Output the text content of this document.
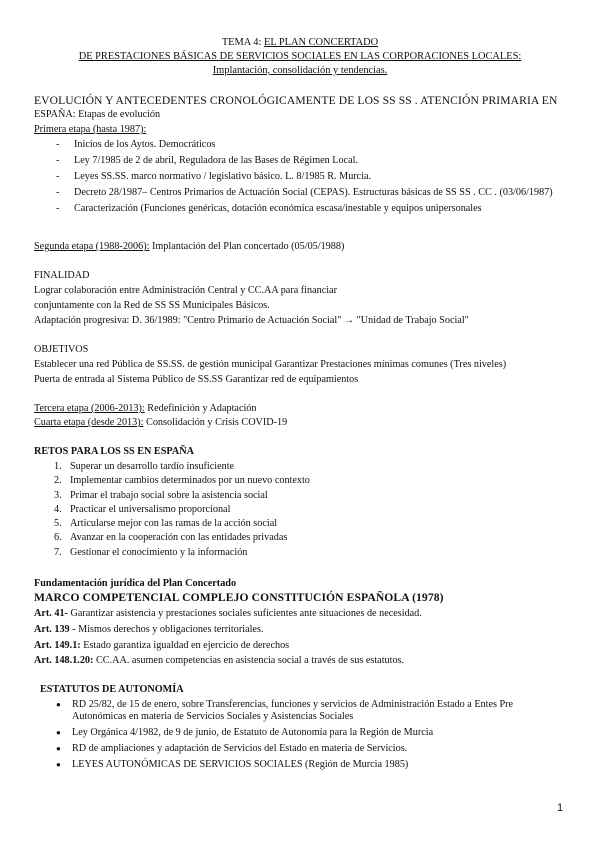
TEMA 4: EL PLAN CONCERTADO
DE PRESTACIONES BÁSICAS DE SERVICIOS SOCIALES EN LAS CORPORACIONES LOCALES:
Implantación, consolidación y tendencias.
EVOLUCIÓN Y ANTECEDENTES CRONOLÓGICAMENTE DE LOS SS SS . ATENCIÓN PRIMARIA EN
ESPAÑA: Etapas de evolución
Primera etapa (hasta 1987):
- Inicios de los Aytos. Democráticos
- Ley 7/1985 de 2 de abril, Reguladora de las Bases de Régimen Local.
- Leyes SS.SS. marco normativo / legislativo básico. L. 8/1985 R. Murcia.
- Decreto 28/1987– Centros Primarios de Actuación Social (CEPAS). Estructuras básicas de SS SS . CC . (03/06/1987)
- Caracterización (Funciones genéricas, dotación económica escasa/inestable y equipos unipersonales
Segunda etapa (1988-2006): Implantación del Plan concertado (05/05/1988)
FINALIDAD
Lograr colaboración entre Administración Central y CC.AA para financiar
conjuntamente con la Red de SS SS Municipales Básicos.
Adaptación progresiva: D. 36/1989: "Centro Primario de Actuación Social" → "Unidad de Trabajo Social"
OBJETIVOS
Establecer una red Pública de SS.SS. de gestión municipal Garantizar Prestaciones mínimas comunes (Tres niveles)
Puerta de entrada al Sistema Público de SS.SS Garantizar red de equipamientos
Tercera etapa (2006-2013): Redefinición y Adaptación
Cuarta etapa (desde 2013): Consolidación y Crisis COVID-19
RETOS PARA LOS SS EN ESPAÑA
1. Superar un desarrollo tardío insuficiente
2. Implementar cambios determinados por un nuevo contexto
3. Primar el trabajo social sobre la asistencia social
4. Practicar el universalismo proporcional
5. Articularse mejor con las ramas de la acción social
6. Avanzar en la cooperación con las entidades privadas
7. Gestionar el conocimiento y la información
Fundamentación jurídica del Plan Concertado
MARCO COMPETENCIAL COMPLEJO CONSTITUCIÓN ESPAÑOLA (1978)
Art. 41- Garantizar asistencia y prestaciones sociales suficientes ante situaciones de necesidad.
Art. 139 - Mismos derechos y obligaciones territoriales.
Art. 149.1: Estado garantiza igualdad en ejercicio de derechos
Art. 148.1.20: CC.AA. asumen competencias en asistencia social a través de sus estatutos.
ESTATUTOS DE AUTONOMÍA
● RD 25/82, de 15 de enero, sobre Transferencias, funciones y servicios de Administración Estado a Entes Pre Autonómicas en materia de Servicios Sociales y Asistencias Sociales
● Ley Orgánica 4/1982, de 9 de junio, de Estatuto de Autonomía para la Región de Murcia
● RD de ampliaciones y adaptación de Servicios del Estado en materia de Servicios.
● LEYES AUTONÓMICAS DE SERVICIOS SOCIALES (Región de Murcia 1985)
1
